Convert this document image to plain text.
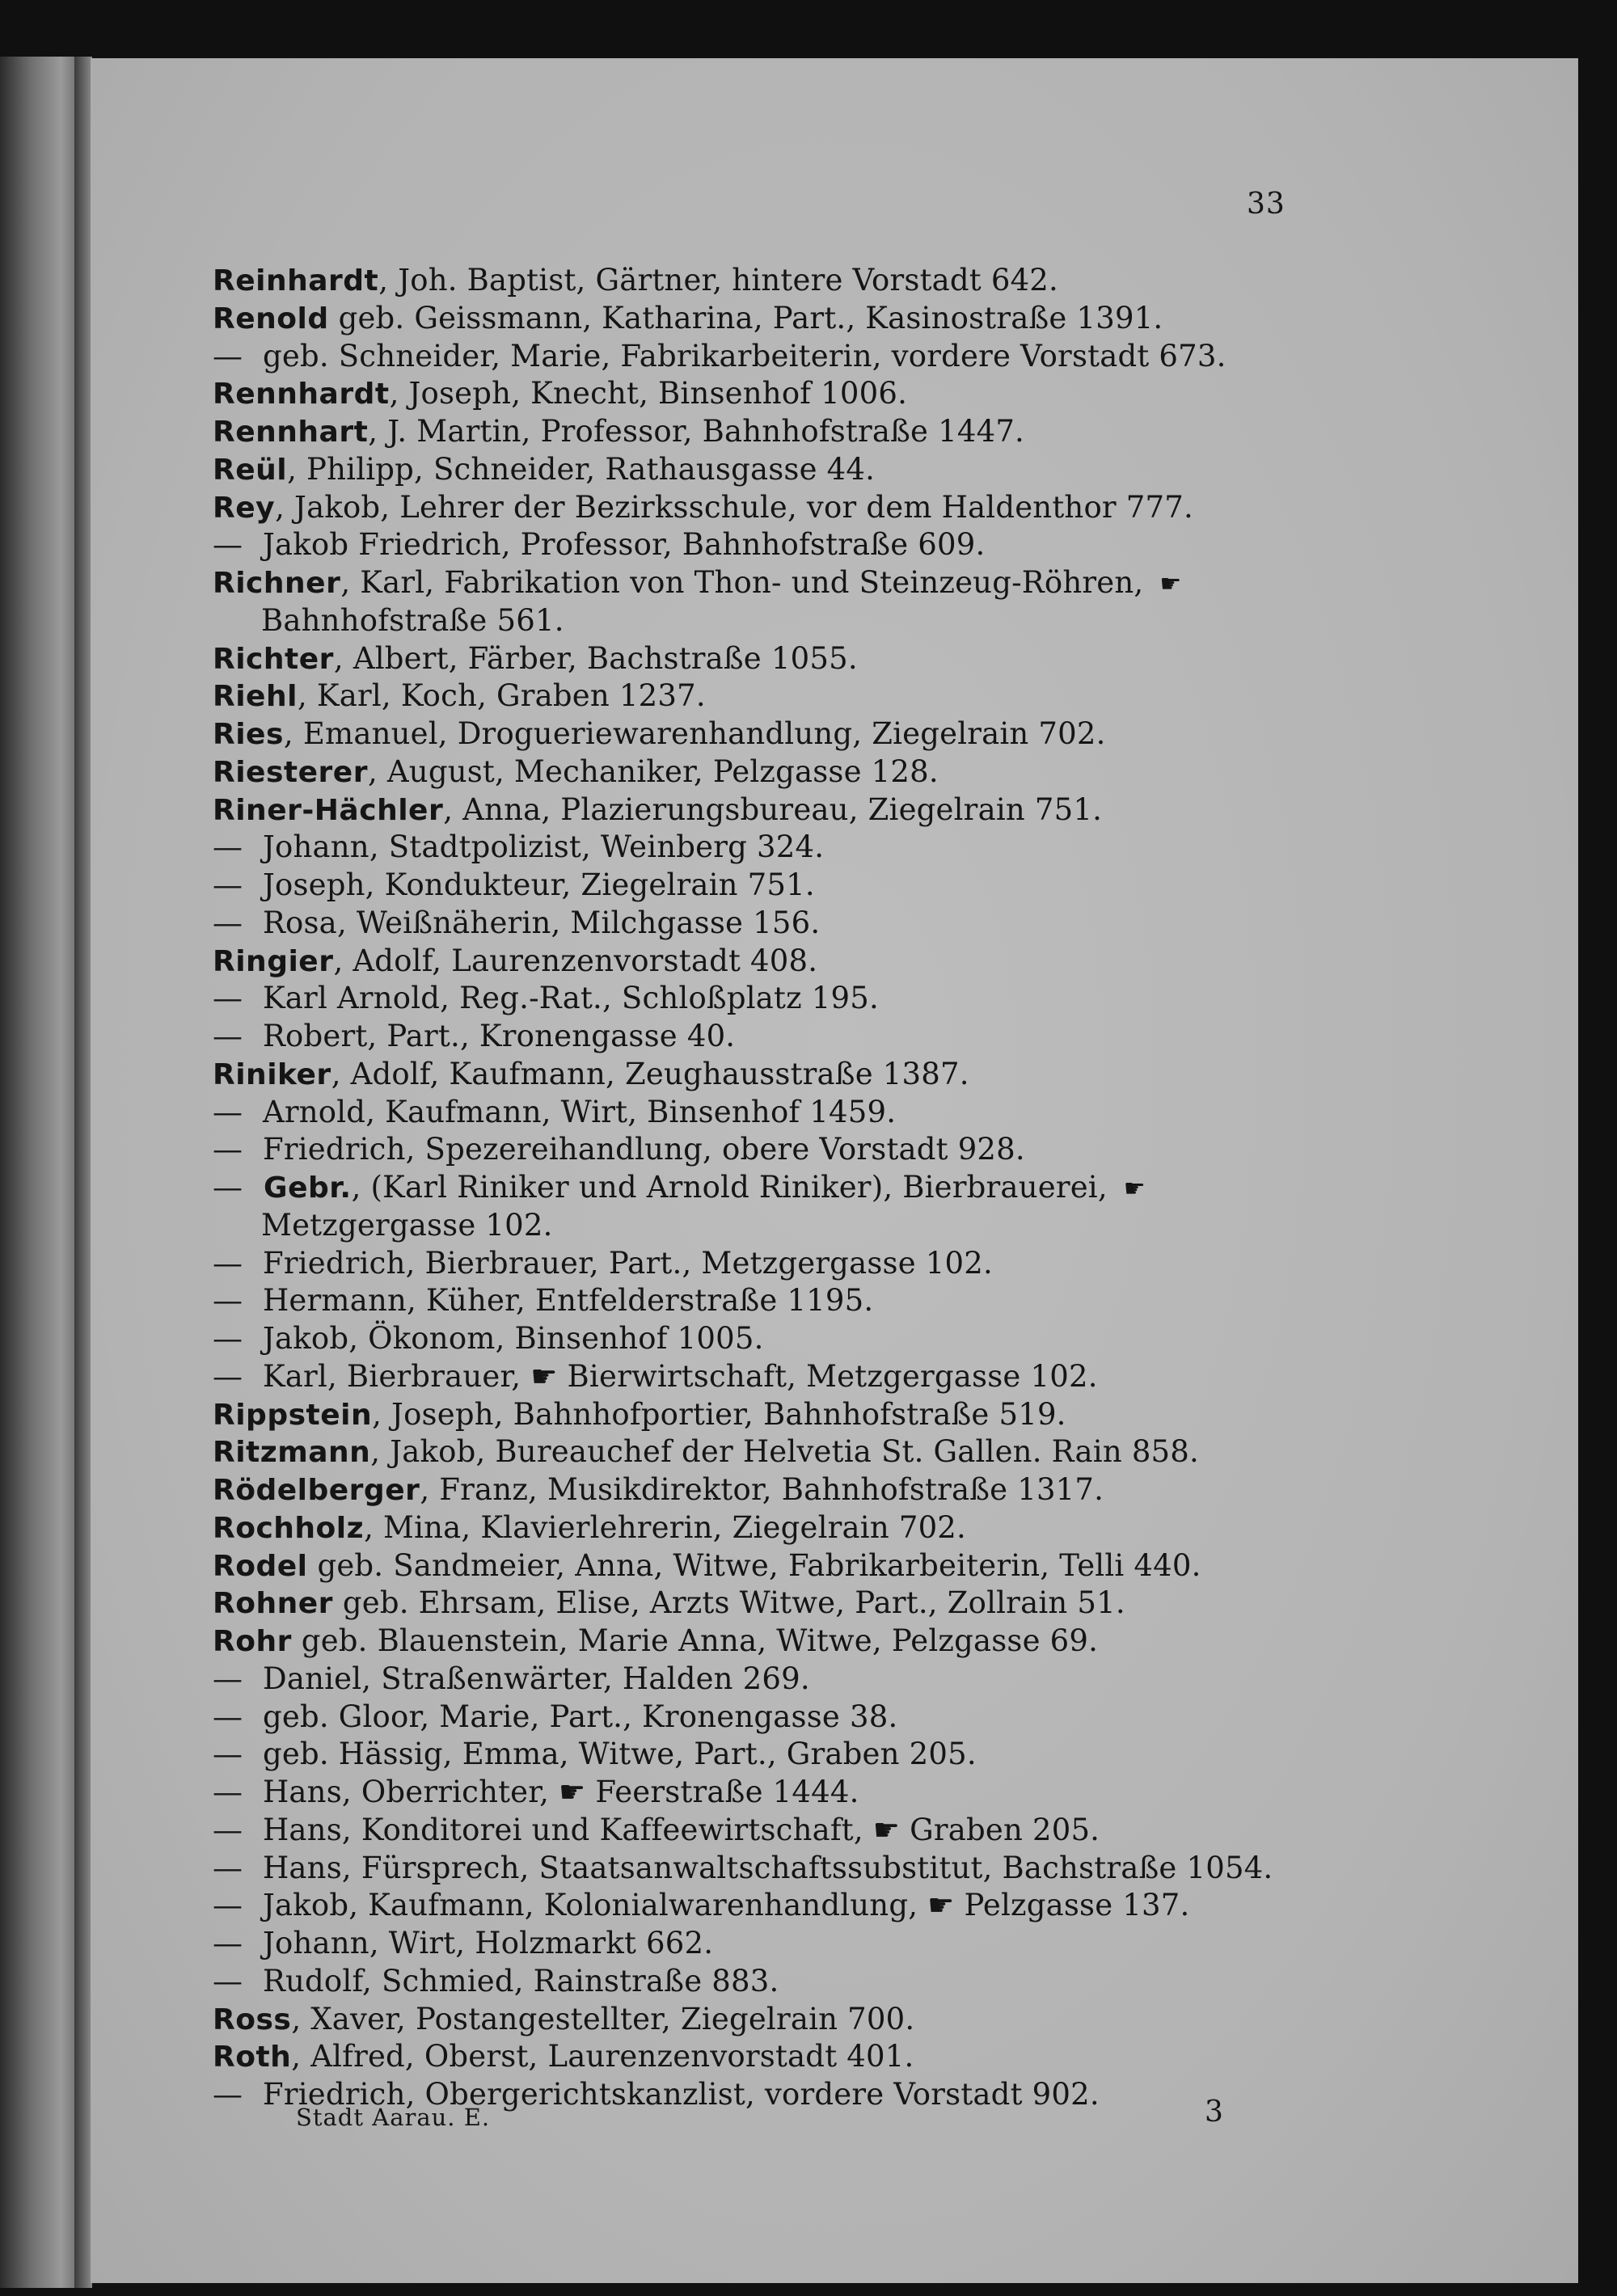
33
Reinhardt, Joh. Baptist, Gärtner, hintere Vorstadt 642.
Renold geb. Geissmann, Katharina, Part., Kasinostraße 1391.
— geb. Schneider, Marie, Fabrikarbeiterin, vordere Vorstadt 673.
Rennhardt, Joseph, Knecht, Binsenhof 1006.
Rennhart, J. Martin, Professor, Bahnhofstraße 1447.
Reül, Philipp, Schneider, Rathausgasse 44.
Rey, Jakob, Lehrer der Bezirksschule, vor dem Haldenthor 777.
— Jakob Friedrich, Professor, Bahnhofstraße 609.
Richner, Karl, Fabrikation von Thon- und Steinzeug-Röhren, ☛
Bahnhofstraße 561.
Richter, Albert, Färber, Bachstraße 1055.
Riehl, Karl, Koch, Graben 1237.
Ries, Emanuel, Drogueriewarenhandlung, Ziegelrain 702.
Riesterer, August, Mechaniker, Pelzgasse 128.
Riner-Hächler, Anna, Plazierungsbureau, Ziegelrain 751.
— Johann, Stadtpolizist, Weinberg 324.
— Joseph, Kondukteur, Ziegelrain 751.
— Rosa, Weißnäherin, Milchgasse 156.
Ringier, Adolf, Laurenzenvorstadt 408.
— Karl Arnold, Reg.-Rat., Schloßplatz 195.
— Robert, Part., Kronengasse 40.
Riniker, Adolf, Kaufmann, Zeughausstraße 1387.
— Arnold, Kaufmann, Wirt, Binsenhof 1459.
— Friedrich, Spezereihandlung, obere Vorstadt 928.
— Gebr., (Karl Riniker und Arnold Riniker), Bierbrauerei, ☛
Metzgergasse 102.
— Friedrich, Bierbrauer, Part., Metzgergasse 102.
— Hermann, Küher, Entfelderstraße 1195.
— Jakob, Ökonom, Binsenhof 1005.
— Karl, Bierbrauer, ☛ Bierwirtschaft, Metzgergasse 102.
Rippstein, Joseph, Bahnhofportier, Bahnhofstraße 519.
Ritzmann, Jakob, Bureauchef der Helvetia St. Gallen. Rain 858.
Rödelberger, Franz, Musikdirektor, Bahnhofstraße 1317.
Rochholz, Mina, Klavierlehrerin, Ziegelrain 702.
Rodel geb. Sandmeier, Anna, Witwe, Fabrikarbeiterin, Telli 440.
Rohner geb. Ehrsam, Elise, Arzts Witwe, Part., Zollrain 51.
Rohr geb. Blauenstein, Marie Anna, Witwe, Pelzgasse 69.
— Daniel, Straßenwärter, Halden 269.
— geb. Gloor, Marie, Part., Kronengasse 38.
— geb. Hässig, Emma, Witwe, Part., Graben 205.
— Hans, Oberrichter, ☛ Feerstraße 1444.
— Hans, Konditorei und Kaffeewirtschaft, ☛ Graben 205.
— Hans, Fürsprech, Staatsanwaltschaftssubstitut, Bachstraße 1054.
— Jakob, Kaufmann, Kolonialwarenhandlung, ☛ Pelzgasse 137.
— Johann, Wirt, Holzmarkt 662.
— Rudolf, Schmied, Rainstraße 883.
Ross, Xaver, Postangestellter, Ziegelrain 700.
Roth, Alfred, Oberst, Laurenzenvorstadt 401.
— Friedrich, Obergerichtskanzlist, vordere Vorstadt 902.
Stadt Aarau. E.	3
